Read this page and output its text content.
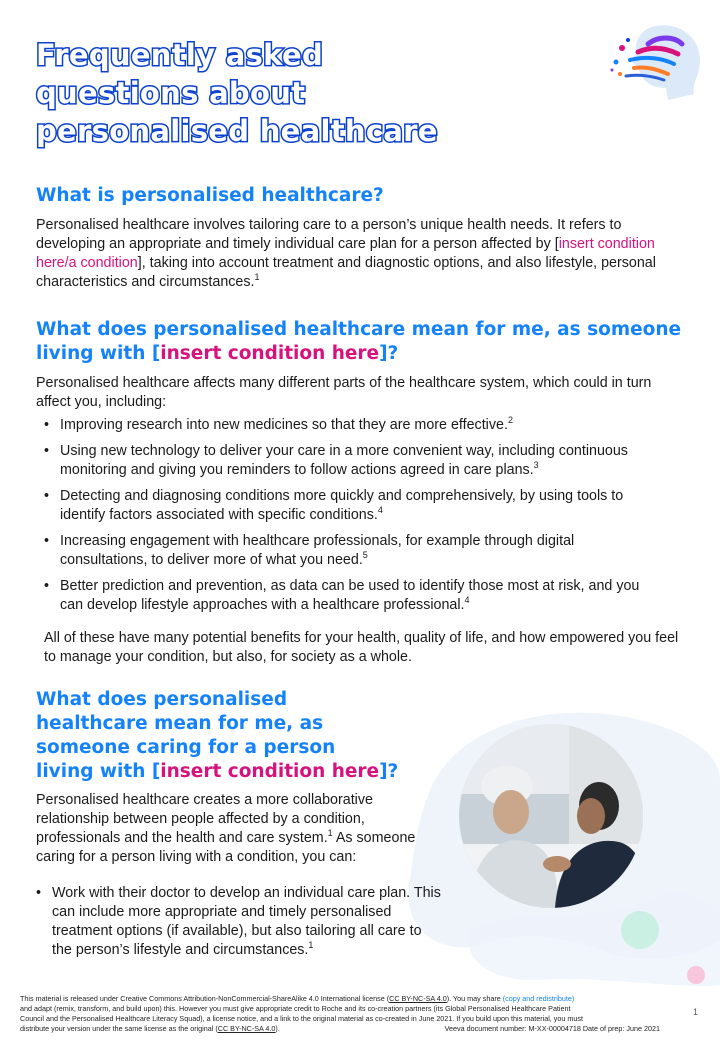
Frequently asked
questions about
personalised healthcare
What is personalised healthcare?

Personalised healthcare involves tailoring care to a person’s unique health needs. It refers to developing an appropriate and timely individual care plan for a person affected by [insert condition here/a condition], taking into account treatment and diagnostic options, and also lifestyle, personal characteristics and circumstances.$^1$

What does personalised healthcare mean for me, as someone living with [insert condition here]?

Personalised healthcare affects many different parts of the healthcare system, which could in turn affect you, including:

• Improving research into new medicines so that they are more effective.$^2$
• Using new technology to deliver your care in a more convenient way, including continuous monitoring and giving you reminders to follow actions agreed in care plans.$^3$
• Detecting and diagnosing conditions more quickly and comprehensively, by using tools to identify factors associated with specific conditions.$^4$
• Increasing engagement with healthcare professionals, for example through digital consultations, to deliver more of what you need.$^5$
• Better prediction and prevention, as data can be used to identify those most at risk, and you can develop lifestyle approaches with a healthcare professional.$^4$

All of these have many potential benefits for your health, quality of life, and how empowered you feel to manage your condition, but also, for society as a whole.

What does personalised
healthcare mean for me, as
someone caring for a person
living with [insert condition here]?

Personalised healthcare creates a more collaborative relationship between people affected by a condition, professionals and the health and care system.$^1$ As someone caring for a person living with a condition, you can:

• Work with their doctor to develop an individual care plan. This can include more appropriate and timely personalised treatment options (if available), but also tailoring all care to the person’s lifestyle and circumstances.$^1$
This material is released under Creative Commons Attribution-NonCommercial-ShareAlike 4.0 International license (CC BY-NC-SA 4.0). You may share (copy and redistribute)
and adapt (remix, transform, and build upon) this. However you must give appropriate credit to Roche and its co-creation partners (its Global Personalised Healthcare Patient
Council and the Personalised Healthcare Literacy Squad), a license notice, and a link to the original material as co-created in June 2021. If you build upon this material, you must
distribute your version under the same license as the original (CC BY-NC-SA 4.0).	Veeva document number: M-XX-00004718 Date of prep: June 2021
1
